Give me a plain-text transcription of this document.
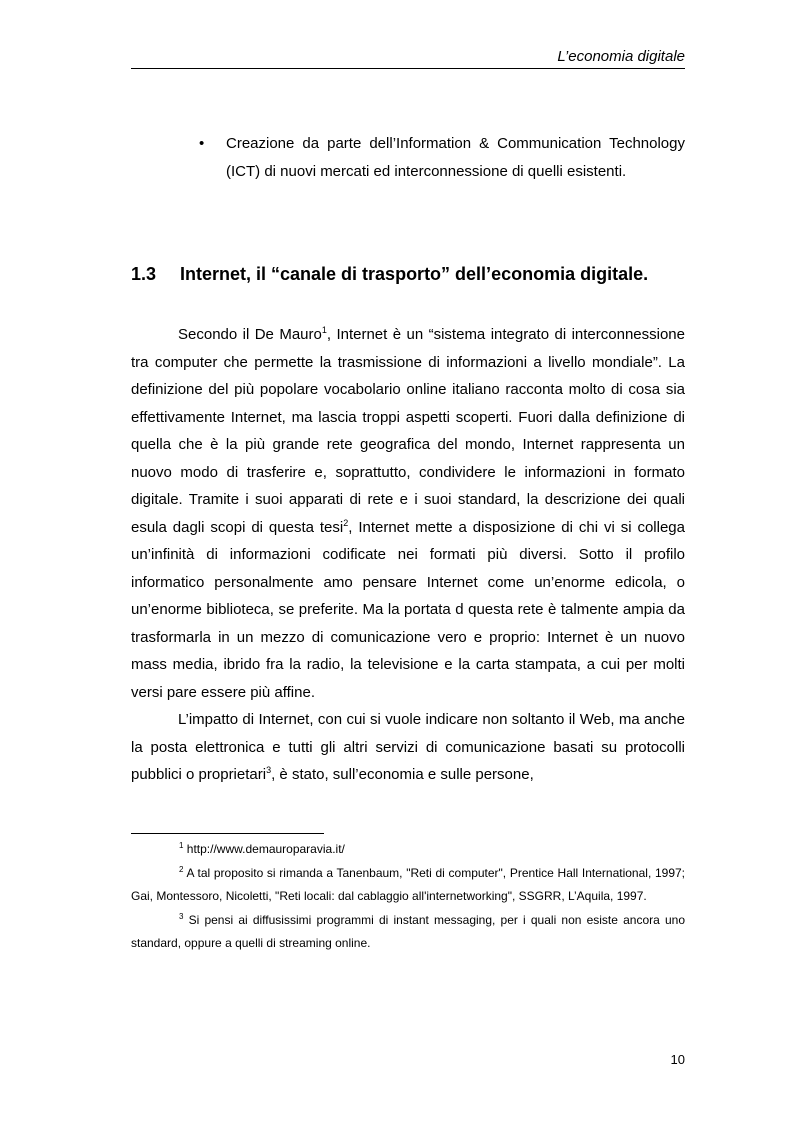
L’economia digitale
• Creazione da parte dell’Information & Communication Technology (ICT) di nuovi mercati ed interconnessione di quelli esistenti.
1.3 Internet, il “canale di trasporto” dell’economia digitale.

Secondo il De Mauro$^1$, Internet è un “sistema integrato di interconnessione tra computer che permette la trasmissione di informazioni a livello mondiale”. La definizione del più popolare vocabolario online italiano racconta molto di cosa sia effettivamente Internet, ma lascia troppi aspetti scoperti. Fuori dalla definizione di quella che è la più grande rete geografica del mondo, Internet rappresenta un nuovo modo di trasferire e, soprattutto, condividere le informazioni in formato digitale. Tramite i suoi apparati di rete e i suoi standard, la descrizione dei quali esula dagli scopi di questa tesi$^2$, Internet mette a disposizione di chi vi si collega un’infinità di informazioni codificate nei formati più diversi. Sotto il profilo informatico personalmente amo pensare Internet come un’enorme edicola, o un’enorme biblioteca, se preferite. Ma la portata d questa rete è talmente ampia da trasformarla in un mezzo di comunicazione vero e proprio: Internet è un nuovo mass media, ibrido fra la radio, la televisione e la carta stampata, a cui per molti versi pare essere più affine.

L’impatto di Internet, con cui si vuole indicare non soltanto il Web, ma anche la posta elettronica e tutti gli altri servizi di comunicazione basati su protocolli pubblici o proprietari$^3$, è stato, sull’economia e sulle persone,

$^1$ http://www.demauroparavia.it/

$^2$ A tal proposito si rimanda a Tanenbaum, "Reti di computer", Prentice Hall International, 1997; Gai, Montessoro, Nicoletti, "Reti locali: dal cablaggio all'internetworking", SSGRR, L’Aquila, 1997.

$^3$ Si pensi ai diffusissimi programmi di instant messaging, per i quali non esiste ancora uno standard, oppure a quelli di streaming online.

10
